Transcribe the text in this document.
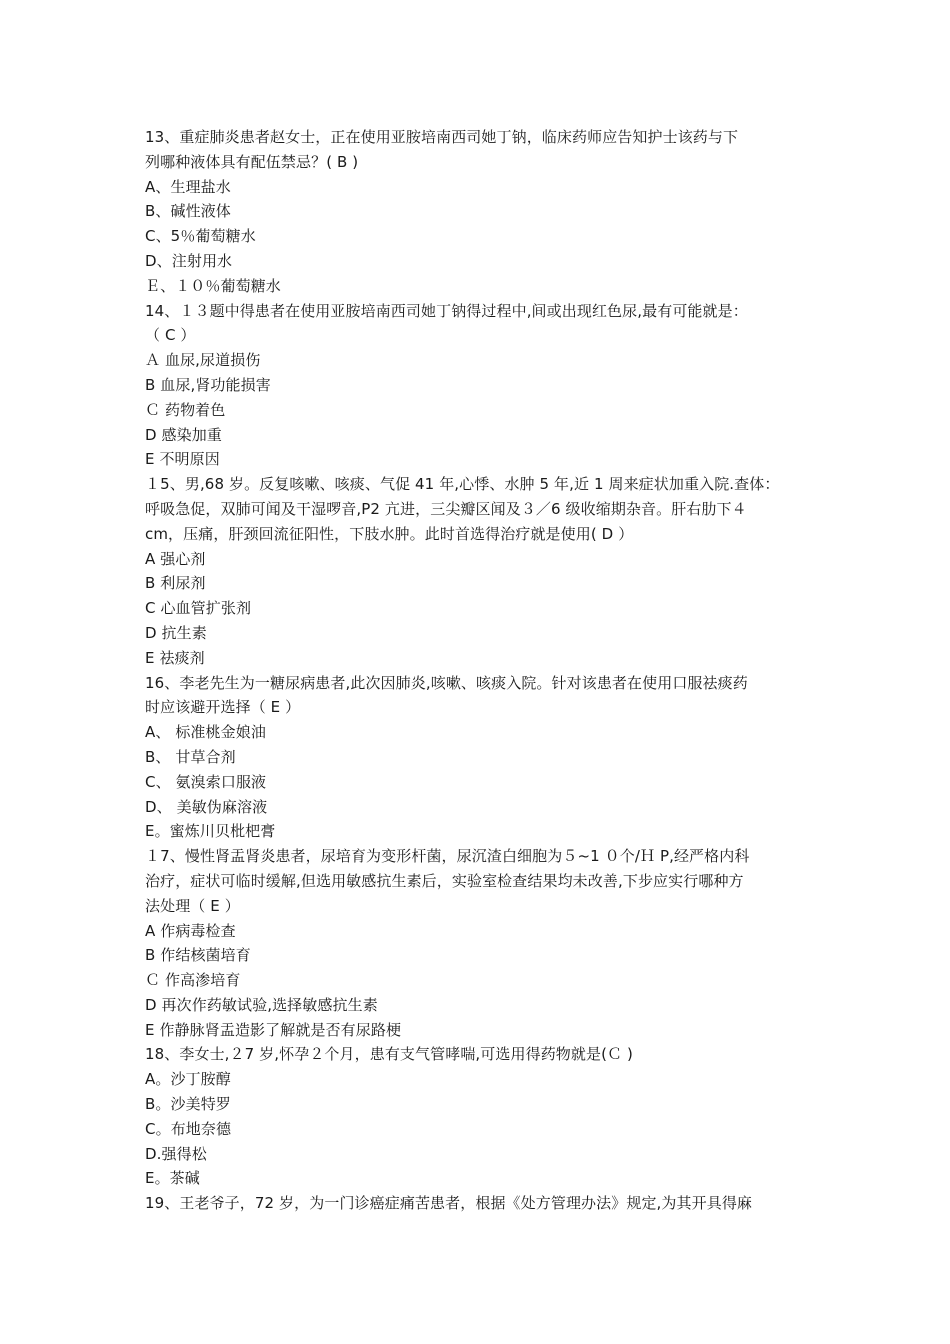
13、重症肺炎患者赵女士，正在使用亚胺培南西司她丁钠，临床药师应告知护士该药与下
列哪种液体具有配伍禁忌？( B )
A、生理盐水
B、碱性液体
C、5％葡萄糖水
D、注射用水
Ｅ、１０％葡萄糖水
14、１３题中得患者在使用亚胺培南西司她丁钠得过程中,间或出现红色尿,最有可能就是：
（ C ）
Ａ 血尿,尿道损伤
B 血尿,肾功能损害
Ｃ 药物着色
D 感染加重
E 不明原因
１5、男,68 岁。反复咳嗽、咳痰、气促 41 年,心悸、水肿 5 年,近 1 周来症状加重入院.查体：
呼吸急促，双肺可闻及干湿啰音,P2 亢进，三尖瓣区闻及３／6 级收缩期杂音。肝右肋下４
cm，压痛，肝颈回流征阳性，下肢水肿。此时首选得治疗就是使用( D ）
A 强心剂
B 利尿剂
C 心血管扩张剂
D 抗生素
E 祛痰剂
16、李老先生为一糖尿病患者,此次因肺炎,咳嗽、咳痰入院。针对该患者在使用口服祛痰药
时应该避开选择（ E ）
A、 标准桃金娘油
B、 甘草合剂
C、 氨溴索口服液
D、 美敏伪麻溶液
E。蜜炼川贝枇杷膏
１7、慢性肾盂肾炎患者，尿培育为变形杆菌，尿沉渣白细胞为５~1 ０个/Ｈ P,经严格内科
治疗，症状可临时缓解,但选用敏感抗生素后，实验室检查结果均未改善,下步应实行哪种方
法处理（ E ）
A 作病毒检查
B 作结核菌培育
Ｃ 作高渗培育
D 再次作药敏试验,选择敏感抗生素
E 作静脉肾盂造影了解就是否有尿路梗
18、李女士,２7 岁,怀孕２个月，患有支气管哮喘,可选用得药物就是(Ｃ )
A。沙丁胺醇
B。沙美特罗
C。布地奈德
D.强得松
E。茶碱
19、王老爷子，72 岁，为一门诊癌症痛苦患者，根据《处方管理办法》规定,为其开具得麻
